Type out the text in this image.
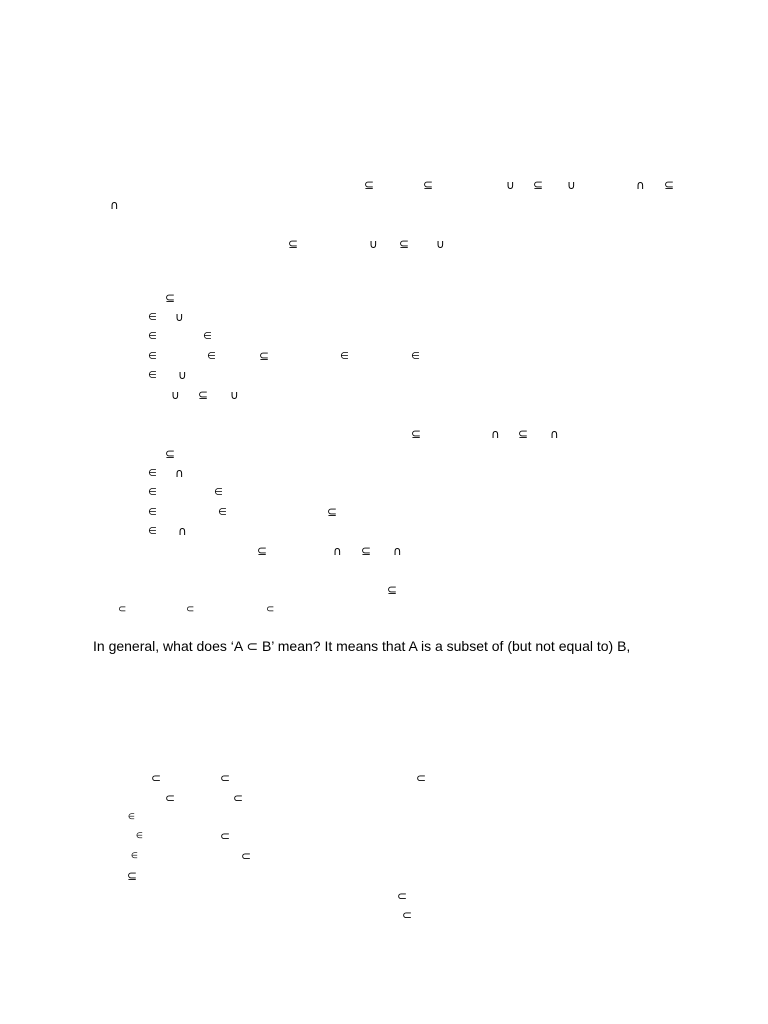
⊆	⊆	∪ ⊆ ∪	∩ ⊆
∩
⊆	∪ ⊆ ∪
⊆
∈ ∪
∈	∈
∈	∈	⊆	∈	∈
∈ ∪
∪ ⊆ ∪
⊆	∩ ⊆ ∩
⊆
∈ ∩
∈	∈
∈	∈	⊆
∈ ∩
⊆	∩ ⊆ ∩
⊆
⊂	⊂	⊂
In general, what does ‘A ⊂ B’ mean? It means that A is a subset of (but not equal to) B,
⊂	⊂	⊂
⊂	⊂
∈
∈	⊂
∈	⊂
⊆
⊂
⊂
